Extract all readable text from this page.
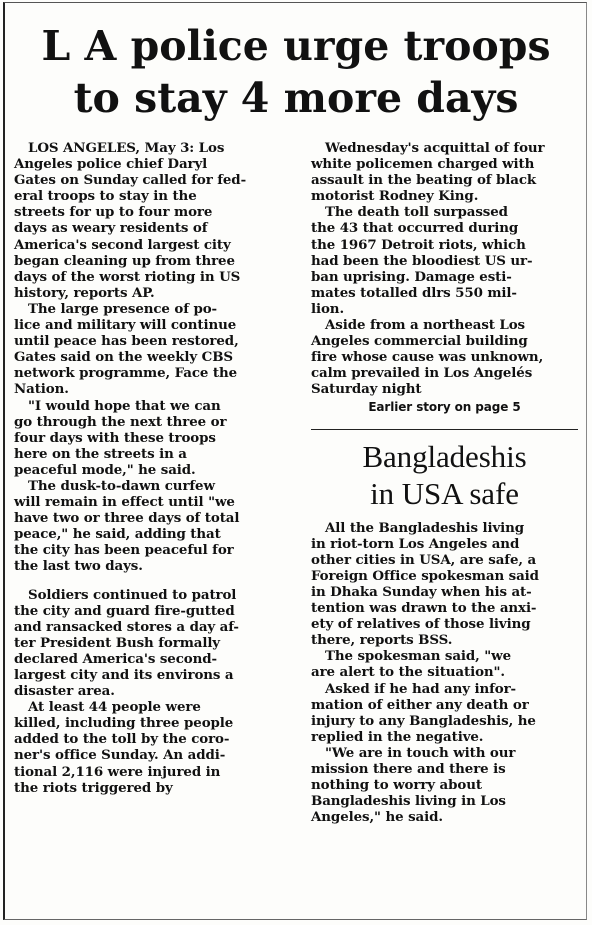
L A police urge troops
to stay 4 more days

LOS ANGELES, May 3: Los
Angeles police chief Daryl
Gates on Sunday called for fed-
eral troops to stay in the
streets for up to four more
days as weary residents of
America's second largest city
began cleaning up from three
days of the worst rioting in US
history, reports AP.

The large presence of po-
lice and military will continue
until peace has been restored,
Gates said on the weekly CBS
network programme, Face the
Nation.

"I would hope that we can
go through the next three or
four days with these troops
here on the streets in a
peaceful mode," he said.

The dusk-to-dawn curfew
will remain in effect until "we
have two or three days of total
peace," he said, adding that
the city has been peaceful for
the last two days.

Soldiers continued to patrol
the city and guard fire-gutted
and ransacked stores a day af-
ter President Bush formally
declared America's second-
largest city and its environs a
disaster area.

At least 44 people were
killed, including three people
added to the toll by the coro-
ner's office Sunday. An addi-
tional 2,116 were injured in
the riots triggered by

Wednesday's acquittal of four
white policemen charged with
assault in the beating of black
motorist Rodney King.

The death toll surpassed
the 43 that occurred during
the 1967 Detroit riots, which
had been the bloodiest US ur-
ban uprising. Damage esti-
mates totalled dlrs 550 mil-
lion.

Aside from a northeast Los
Angeles commercial building
fire whose cause was unknown,
calm prevailed in Los Angelés
Saturday night

Earlier story on page 5

Bangladeshis
in USA safe

All the Bangladeshis living
in riot-torn Los Angeles and
other cities in USA, are safe, a
Foreign Office spokesman said
in Dhaka Sunday when his at-
tention was drawn to the anxi-
ety of relatives of those living
there, reports BSS.

The spokesman said, "we
are alert to the situation".

Asked if he had any infor-
mation of either any death or
injury to any Bangladeshis, he
replied in the negative.

"We are in touch with our
mission there and there is
nothing to worry about
Bangladeshis living in Los
Angeles," he said.
